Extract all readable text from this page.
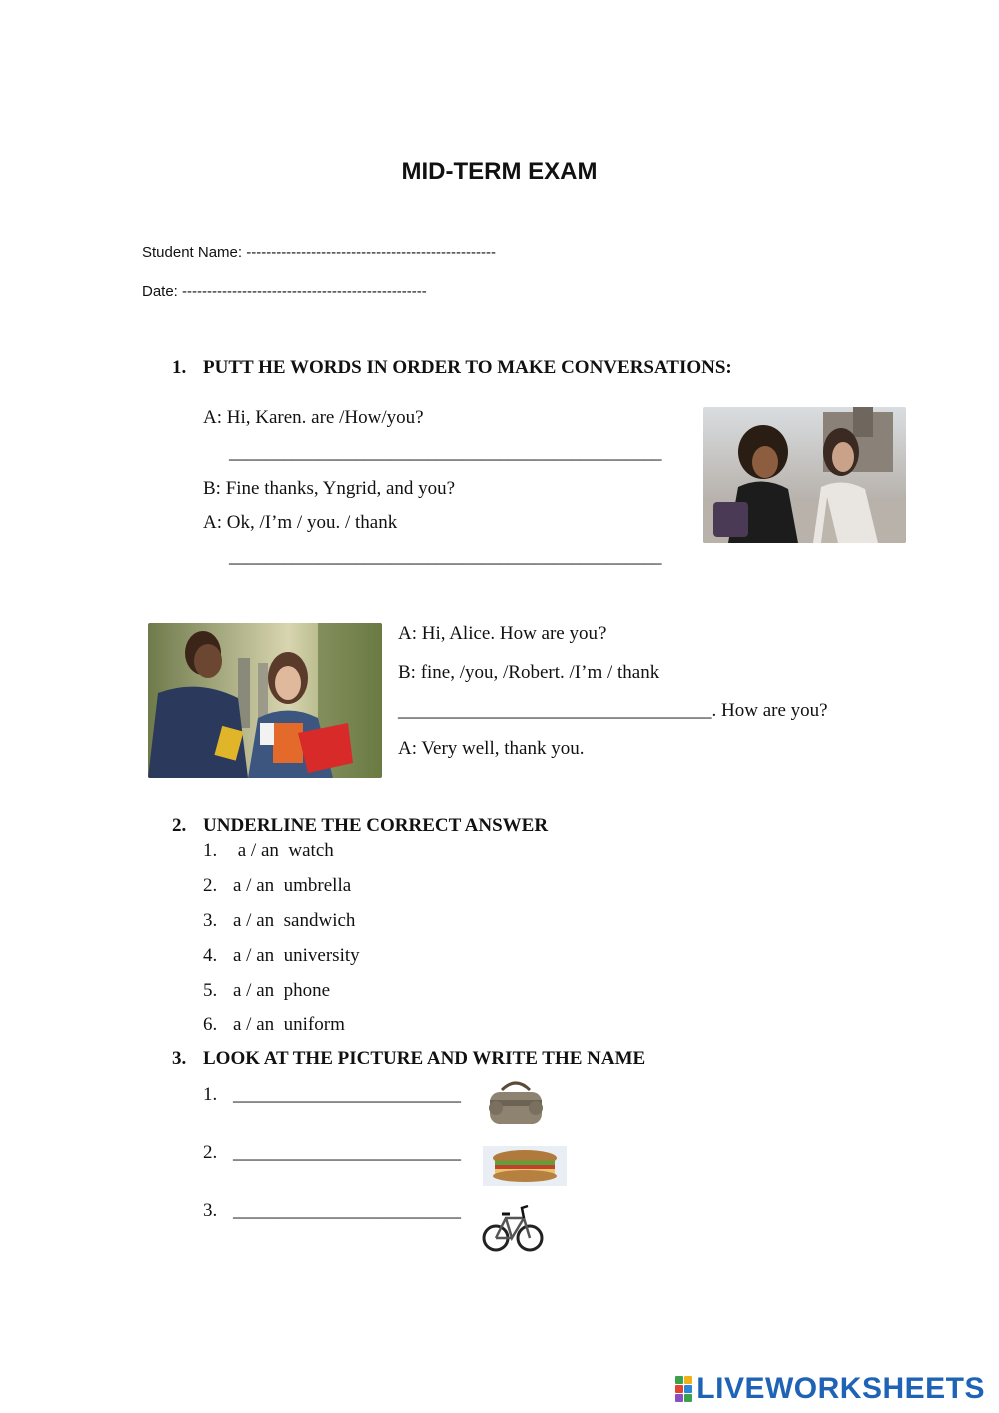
MID-TERM EXAM
Student Name: --------------------------------------------------
Date: -------------------------------------------------
1. PUTT HE WORDS IN ORDER TO MAKE CONVERSATIONS:
A: Hi, Karen. are /How/you?
________________________________________________
B: Fine thanks, Yngrid, and you?
A: Ok, /I’m / you. / thank
________________________________________________
A: Hi, Alice. How are you?
B: fine, /you, /Robert. /I’m / thank
_________________________________. How are you?
A: Very well, thank you.
2. UNDERLINE THE CORRECT ANSWER
1. a / an  watch
2. a / an  umbrella
3. a / an  sandwich
4. a / an  university
5. a / an  phone
6. a / an  uniform
3. LOOK AT THE PICTURE AND WRITE THE NAME
1. ________________________
2. ________________________
3. ________________________
LIVEWORKSHEETS
